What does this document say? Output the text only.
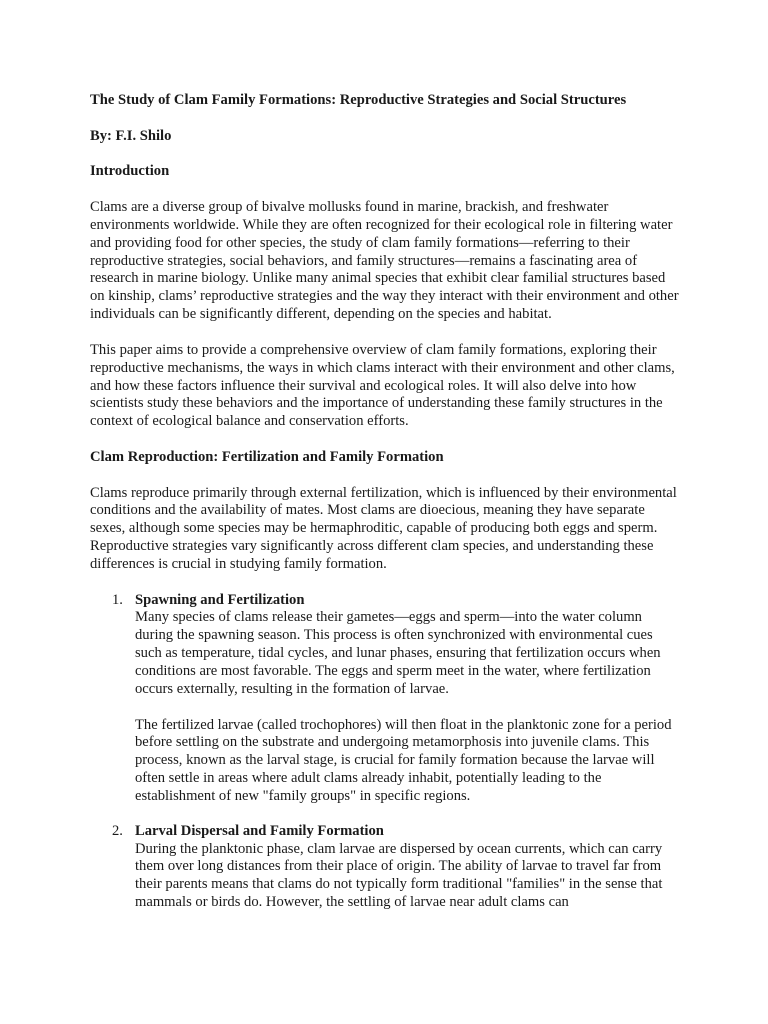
The Study of Clam Family Formations: Reproductive Strategies and Social Structures

By: F.I. Shilo

Introduction

Clams are a diverse group of bivalve mollusks found in marine, brackish, and freshwater environments worldwide. While they are often recognized for their ecological role in filtering water and providing food for other species, the study of clam family formations—referring to their reproductive strategies, social behaviors, and family structures—remains a fascinating area of research in marine biology. Unlike many animal species that exhibit clear familial structures based on kinship, clams’ reproductive strategies and the way they interact with their environment and other individuals can be significantly different, depending on the species and habitat.

This paper aims to provide a comprehensive overview of clam family formations, exploring their reproductive mechanisms, the ways in which clams interact with their environment and other clams, and how these factors influence their survival and ecological roles. It will also delve into how scientists study these behaviors and the importance of understanding these family structures in the context of ecological balance and conservation efforts.

Clam Reproduction: Fertilization and Family Formation

Clams reproduce primarily through external fertilization, which is influenced by their environmental conditions and the availability of mates. Most clams are dioecious, meaning they have separate sexes, although some species may be hermaphroditic, capable of producing both eggs and sperm. Reproductive strategies vary significantly across different clam species, and understanding these differences is crucial in studying family formation.

1. Spawning and Fertilization

Many species of clams release their gametes—eggs and sperm—into the water column during the spawning season. This process is often synchronized with environmental cues such as temperature, tidal cycles, and lunar phases, ensuring that fertilization occurs when conditions are most favorable. The eggs and sperm meet in the water, where fertilization occurs externally, resulting in the formation of larvae.

The fertilized larvae (called trochophores) will then float in the planktonic zone for a period before settling on the substrate and undergoing metamorphosis into juvenile clams. This process, known as the larval stage, is crucial for family formation because the larvae will often settle in areas where adult clams already inhabit, potentially leading to the establishment of new "family groups" in specific regions.

2. Larval Dispersal and Family Formation

During the planktonic phase, clam larvae are dispersed by ocean currents, which can carry them over long distances from their place of origin. The ability of larvae to travel far from their parents means that clams do not typically form traditional "families" in the sense that mammals or birds do. However, the settling of larvae near adult clams can
